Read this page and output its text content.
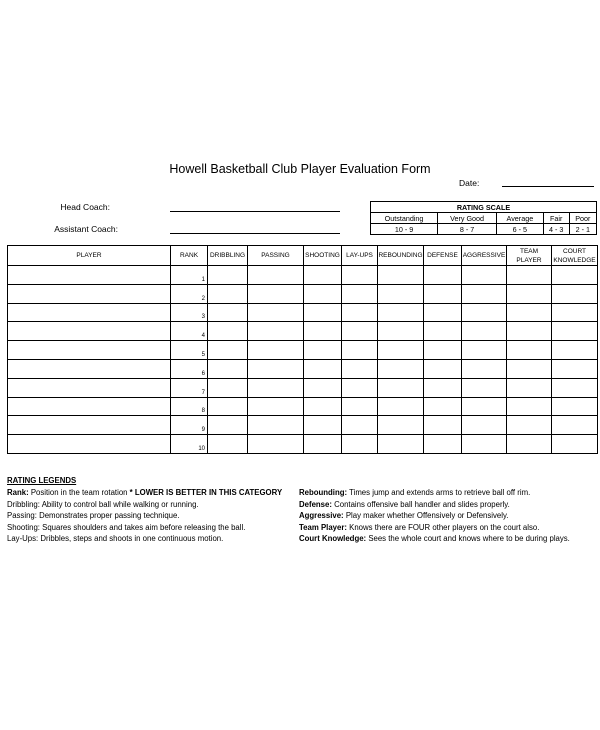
Howell Basketball Club Player Evaluation Form
Date:
Head Coach:
Assistant Coach:
RATING SCALE				
Outstanding	Very Good	Average	Fair	Poor
10 - 9	8 - 7	6 - 5	4 - 3	2 - 1
PLAYER	RANK	DRIBBLING	PASSING	SHOOTING	LAY-UPS	REBOUNDING	DEFENSE	AGGRESSIVE	TEAM PLAYER	COURT KNOWLEDGE
	1									
	2									
	3									
	4									
	5									
	6									
	7									
	8									
	9									
	10									
RATING LEGENDS
Rank: Position in the team rotation * LOWER IS BETTER IN THIS CATEGORY
Dribbling: Ability to control ball while walking or running.
Passing: Demonstrates proper passing technique.
Shooting: Squares shoulders and takes aim before releasing the ball.
Lay-Ups: Dribbles, steps and shoots in one continuous motion.
Rebounding: Times jump and extends arms to retrieve ball off rim.
Defense: Contains offensive ball handler and slides properly.
Aggressive: Play maker whether Offensively or Defensively.
Team Player: Knows there are FOUR other players on the court also.
Court Knowledge: Sees the whole court and knows where to be during plays.
